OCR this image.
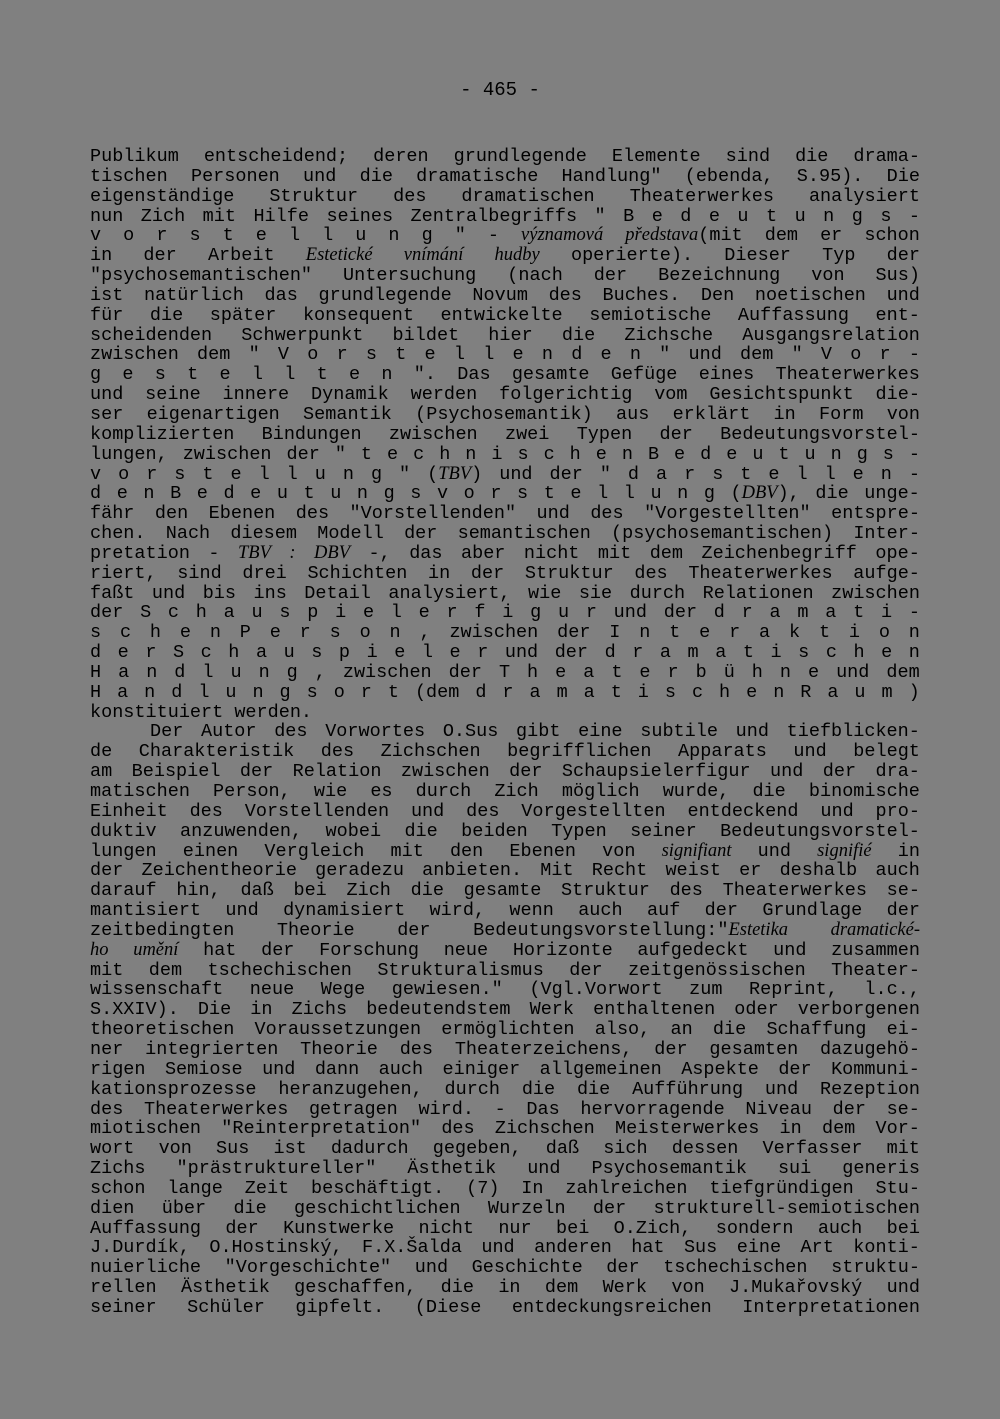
- 465 -
Publikum entscheidend; deren grundlegende Elemente sind die drama-
tischen Personen und die dramatische Handlung" (ebenda, S.95). Die
eigenständige Struktur des dramatischen Theaterwerkes analysiert
nun Zich mit Hilfe seines Zentralbegriffs " B e d e u t u n g s -
v o r s t e l l u n g " - významová představa(mit dem er schon
in der Arbeit Estetické vnímání hudby operierte). Dieser Typ der
"psychosemantischen" Untersuchung (nach der Bezeichnung von Sus)
ist natürlich das grundlegende Novum des Buches. Den noetischen und
für die später konsequent entwickelte semiotische Auffassung ent-
scheidenden Schwerpunkt bildet hier die Zichsche Ausgangsrelation
zwischen dem " V o r s t e l l e n d e n " und dem " V o r -
g e s t e l l t e n ". Das gesamte Gefüge eines Theaterwerkes
und seine innere Dynamik werden folgerichtig vom Gesichtspunkt die-
ser eigenartigen Semantik (Psychosemantik) aus erklärt in Form von
komplizierten Bindungen zwischen zwei Typen der Bedeutungsvorstel-
lungen, zwischen der " t e c h n i s c h e n B e d e u t u n g s -
v o r s t e l l u n g " (TBV) und der " d a r s t e l l e n -
d e n B e d e u t u n g s v o r s t e l l u n g (DBV), die unge-
fähr den Ebenen des "Vorstellenden" und des "Vorgestellten" entspre-
chen. Nach diesem Modell der semantischen (psychosemantischen) Inter-
pretation - TBV : DBV -, das aber nicht mit dem Zeichenbegriff ope-
riert, sind drei Schichten in der Struktur des Theaterwerkes aufge-
faßt und bis ins Detail analysiert, wie sie durch Relationen zwischen
der S c h a u s p i e l e r f i g u r und der d r a m a t i -
s c h e n P e r s o n , zwischen der I n t e r a k t i o n
d e r S c h a u s p i e l e r und der d r a m a t i s c h e n
H a n d l u n g , zwischen der T h e a t e r b ü h n e und dem
H a n d l u n g s o r t (dem d r a m a t i s c h e n R a u m )
konstituiert werden.
Der Autor des Vorwortes O.Sus gibt eine subtile und tiefblicken-
de Charakteristik des Zichschen begrifflichen Apparats und belegt
am Beispiel der Relation zwischen der Schaupsielerfigur und der dra-
matischen Person, wie es durch Zich möglich wurde, die binomische
Einheit des Vorstellenden und des Vorgestellten entdeckend und pro-
duktiv anzuwenden, wobei die beiden Typen seiner Bedeutungsvorstel-
lungen einen Vergleich mit den Ebenen von signifiant und signifié in
der Zeichentheorie geradezu anbieten. Mit Recht weist er deshalb auch
darauf hin, daß bei Zich die gesamte Struktur des Theaterwerkes se-
mantisiert und dynamisiert wird, wenn auch auf der Grundlage der
zeitbedingten Theorie der Bedeutungsvorstellung:"Estetika dramatické-
ho umění hat der Forschung neue Horizonte aufgedeckt und zusammen
mit dem tschechischen Strukturalismus der zeitgenössischen Theater-
wissenschaft neue Wege gewiesen." (Vgl.Vorwort zum Reprint, l.c.,
S.XXIV). Die in Zichs bedeutendstem Werk enthaltenen oder verborgenen
theoretischen Voraussetzungen ermöglichten also, an die Schaffung ei-
ner integrierten Theorie des Theaterzeichens, der gesamten dazugehö-
rigen Semiose und dann auch einiger allgemeinen Aspekte der Kommuni-
kationsprozesse heranzugehen, durch die die Aufführung und Rezeption
des Theaterwerkes getragen wird. - Das hervorragende Niveau der se-
miotischen "Reinterpretation" des Zichschen Meisterwerkes in dem Vor-
wort von Sus ist dadurch gegeben, daß sich dessen Verfasser mit
Zichs "prästruktureller" Ästhetik und Psychosemantik sui generis
schon lange Zeit beschäftigt. (7) In zahlreichen tiefgründigen Stu-
dien über die geschichtlichen Wurzeln der strukturell-semiotischen
Auffassung der Kunstwerke nicht nur bei O.Zich, sondern auch bei
J.Durdík, O.Hostinský, F.X.Šalda und anderen hat Sus eine Art konti-
nuierliche "Vorgeschichte" und Geschichte der tschechischen struktu-
rellen Ästhetik geschaffen, die in dem Werk von J.Mukařovský und
seiner Schüler gipfelt. (Diese entdeckungsreichen Interpretationen
